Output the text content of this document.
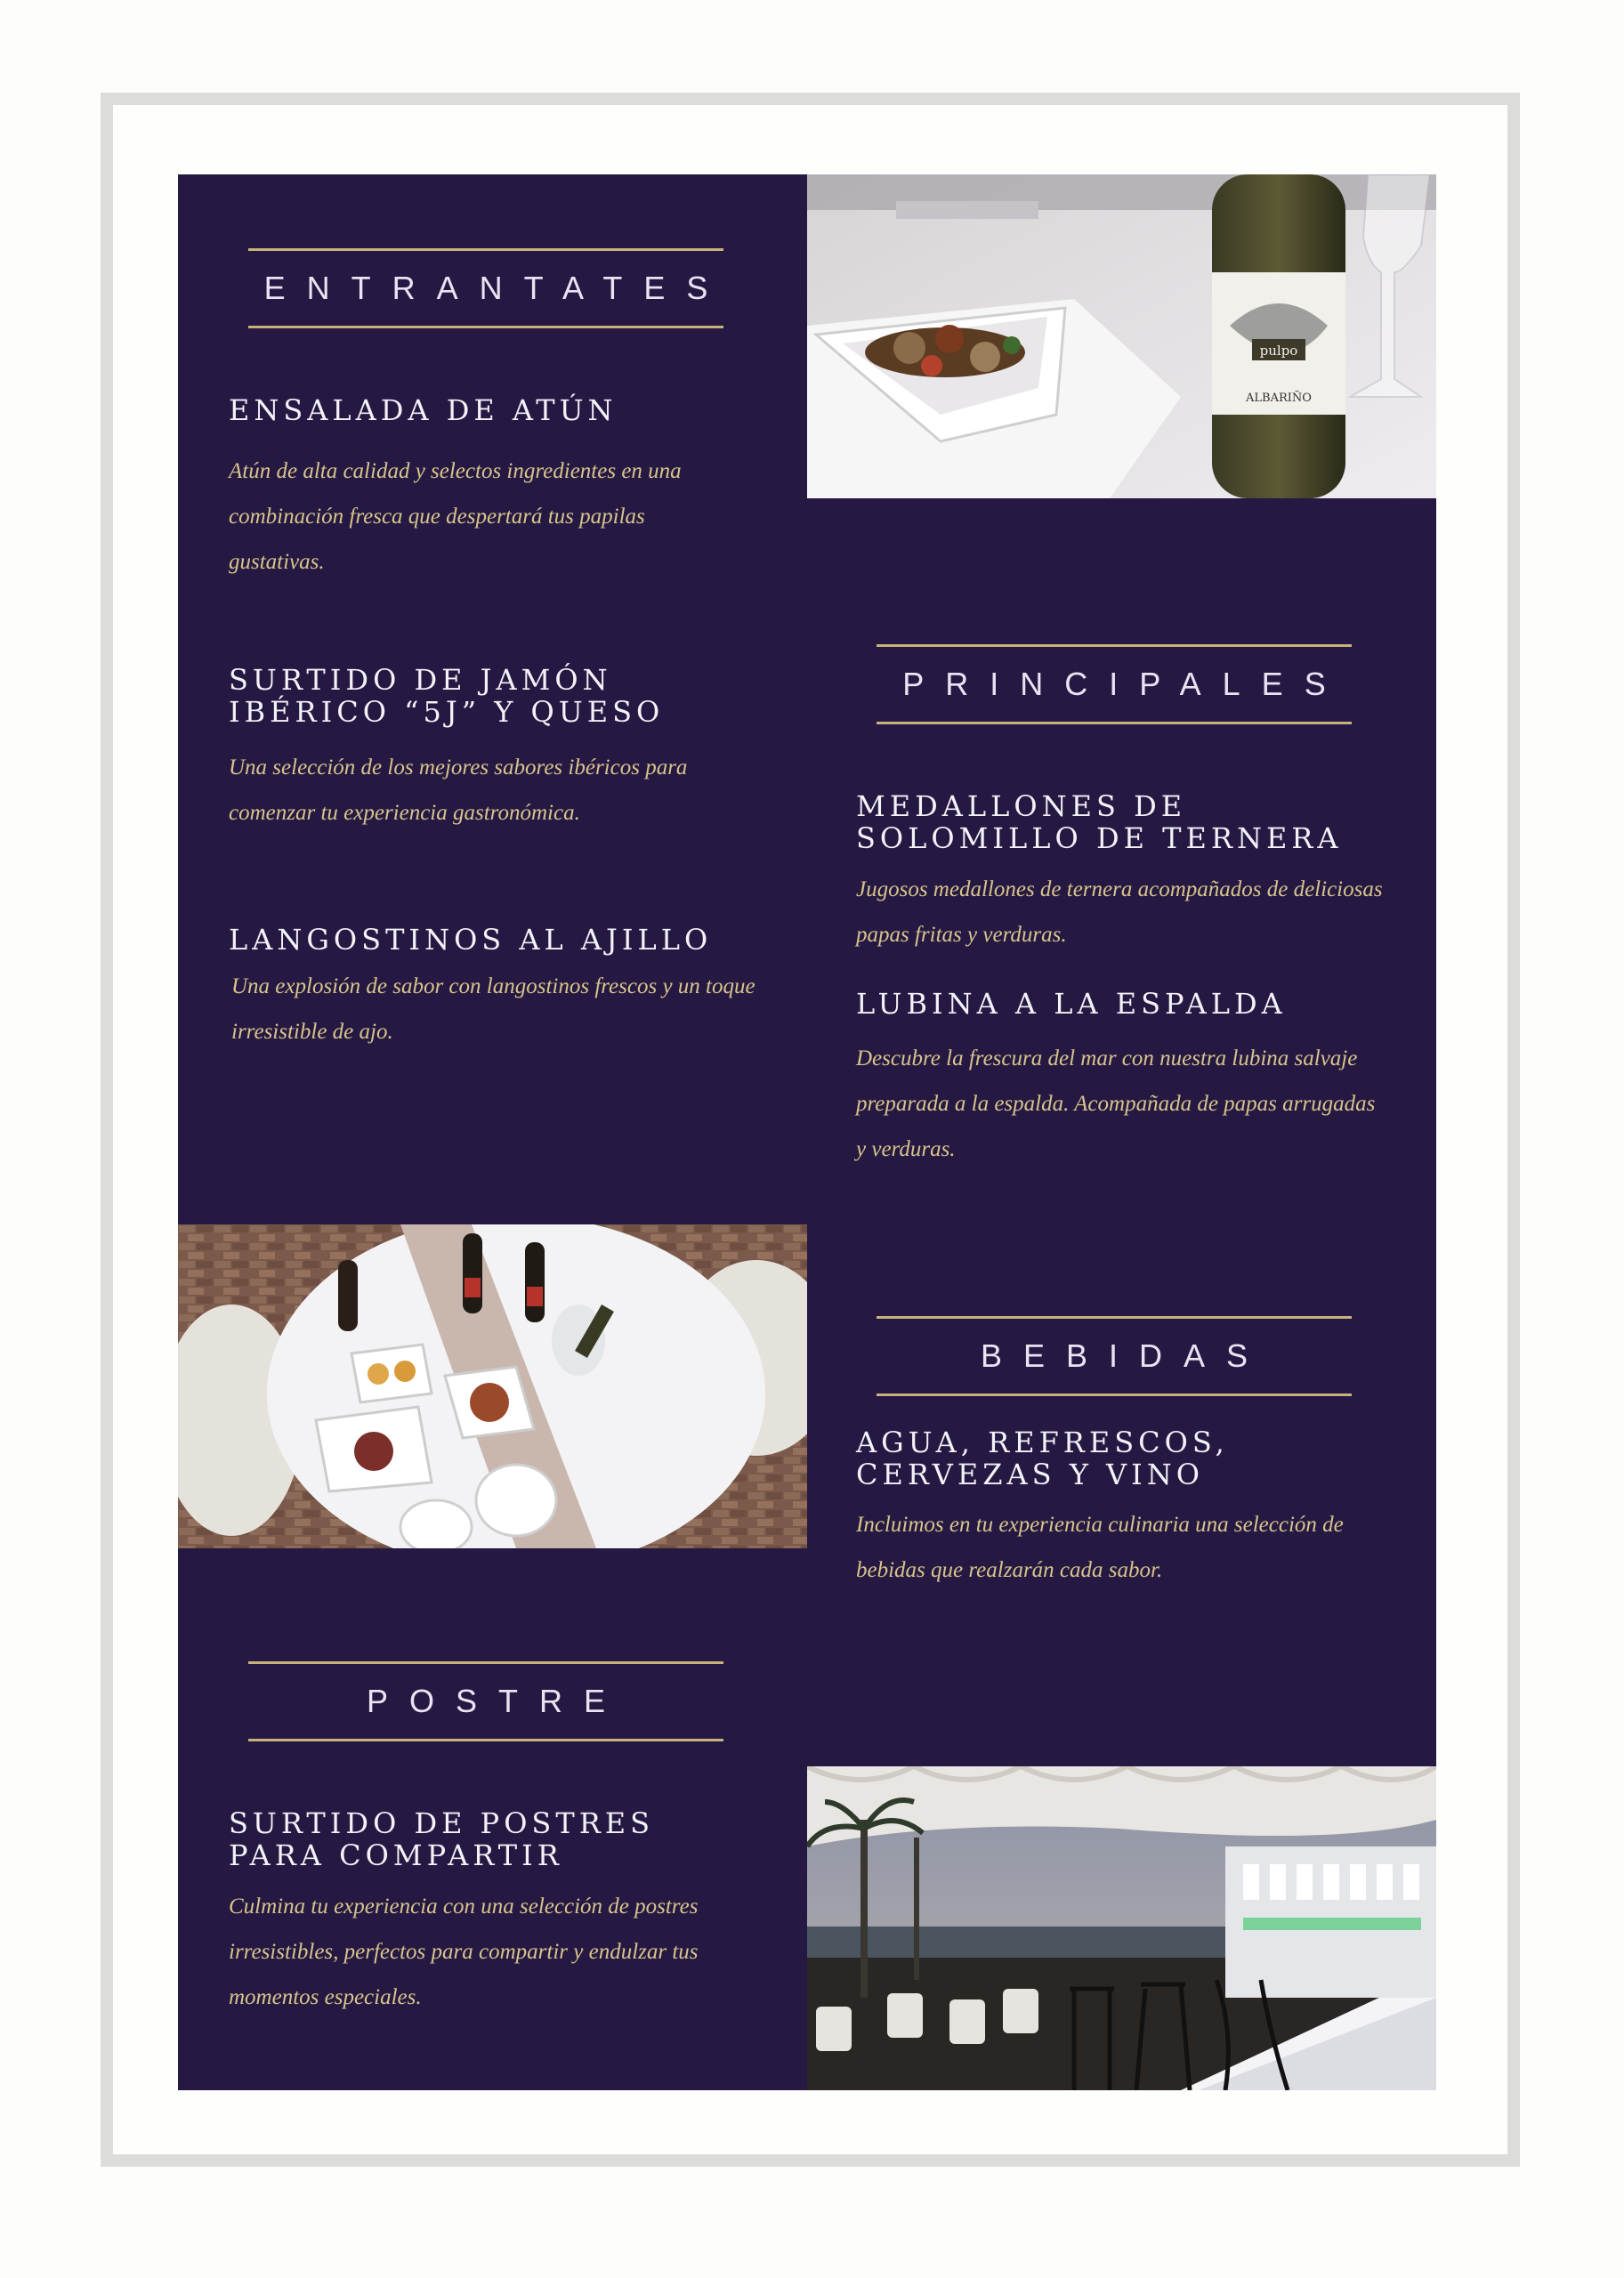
ENTRANTATES
ENSALADA DE ATÚN

Atún de alta calidad y selectos ingredientes en una combinación fresca que despertará tus papilas gustativas.

SURTIDO DE JAMÓN
IBÉRICO “5J” Y QUESO

Una selección de los mejores sabores ibéricos para comenzar tu experiencia gastronómica.

LANGOSTINOS AL AJILLO

Una explosión de sabor con langostinos frescos y un toque irresistible de ajo.

pulpo
ALBARIÑO
PRINCIPALES
MEDALLONES DE
SOLOMILLO DE TERNERA

Jugosos medallones de ternera acompañados de deliciosas papas fritas y verduras.

LUBINA A LA ESPALDA

Descubre la frescura del mar con nuestra lubina salvaje preparada a la espalda. Acompañada de papas arrugadas y verduras.

BEBIDAS
AGUA, REFRESCOS,
CERVEZAS Y VINO

Incluimos en tu experiencia culinaria una selección de bebidas que realzarán cada sabor.

POSTRE
SURTIDO DE POSTRES
PARA COMPARTIR

Culmina tu experiencia con una selección de postres irresistibles, perfectos para compartir y endulzar tus momentos especiales.
